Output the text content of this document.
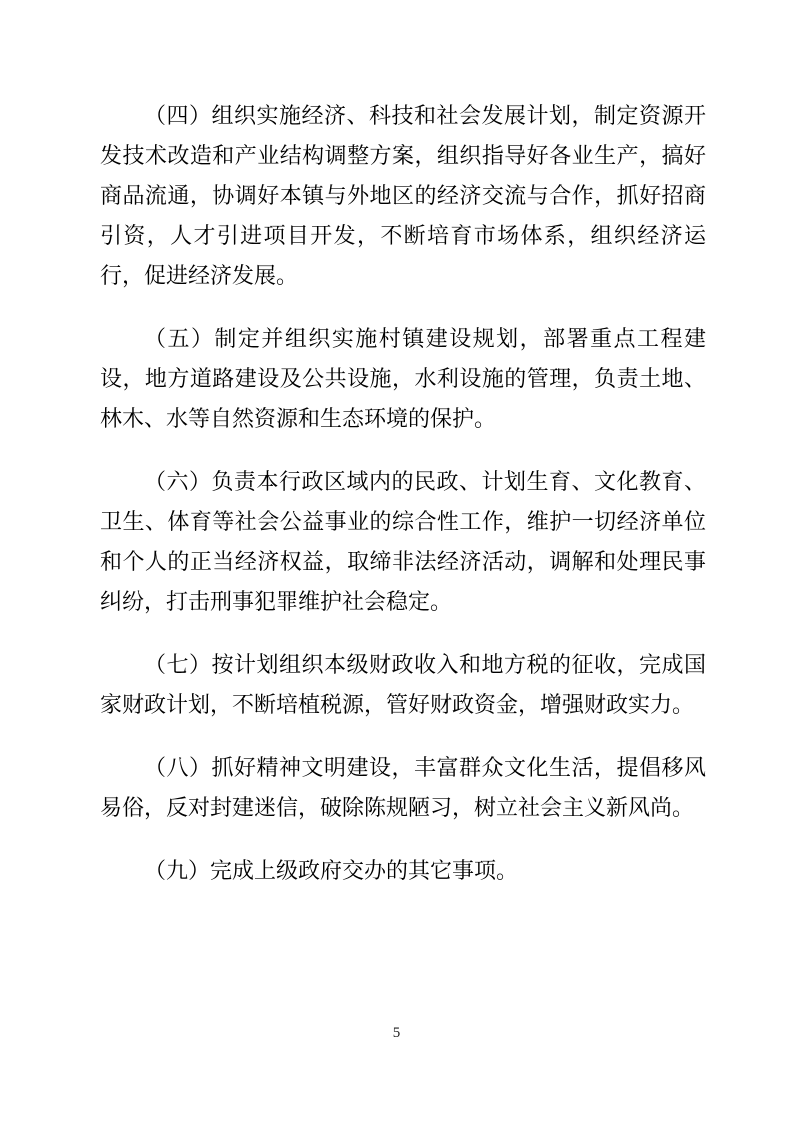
（四）组织实施经济、科技和社会发展计划，制定资源开发技术改造和产业结构调整方案，组织指导好各业生产，搞好商品流通，协调好本镇与外地区的经济交流与合作，抓好招商引资，人才引进项目开发，不断培育市场体系，组织经济运行，促进经济发展。
（五）制定并组织实施村镇建设规划，部署重点工程建设，地方道路建设及公共设施，水利设施的管理，负责土地、林木、水等自然资源和生态环境的保护。
（六）负责本行政区域内的民政、计划生育、文化教育、卫生、体育等社会公益事业的综合性工作，维护一切经济单位和个人的正当经济权益，取缔非法经济活动，调解和处理民事纠纷，打击刑事犯罪维护社会稳定。
（七）按计划组织本级财政收入和地方税的征收，完成国家财政计划，不断培植税源，管好财政资金，增强财政实力。
（八）抓好精神文明建设，丰富群众文化生活，提倡移风易俗，反对封建迷信，破除陈规陋习，树立社会主义新风尚。
（九）完成上级政府交办的其它事项。
5
